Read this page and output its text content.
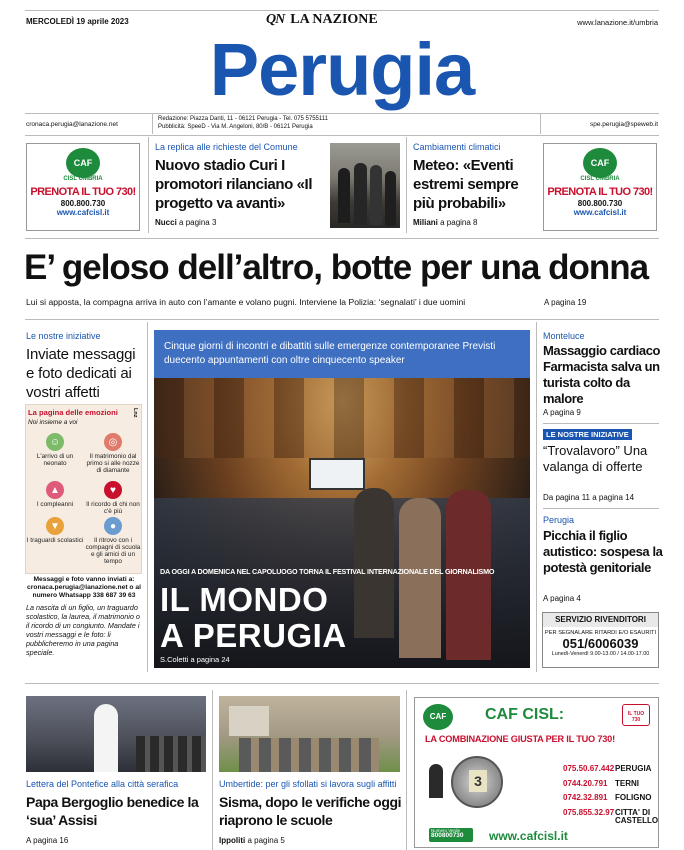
MERCOLEDÌ 19 aprile 2023	QN LA NAZIONE	www.lanazione.it/umbria
Perugia
cronaca.perugia@lanazione.net
Redazione: Piazza Danti, 11 - 06121 Perugia - Tel. 075 5755111
Pubblicità: SpeeD - Via M. Angeloni, 80/B - 06121 Perugia	spe.perugia@speweb.it
CAF
CISL UMBRIA
PRENOTA IL TUO 730!
800.800.730
www.cafcisl.it
La replica alle richieste del Comune
Nuovo stadio Curi I promotori rilanciano «Il progetto va avanti»
Nucci a pagina 3
Cambiamenti climatici
Meteo: «Eventi estremi sempre più probabili»
Miliani a pagina 8
CAF
CISL UMBRIA
PRENOTA IL TUO 730!
800.800.730
www.cafcisl.it
E’ geloso dell’altro, botte per una donna
Lui si apposta, la compagna arriva in auto con l’amante e volano pugni. Interviene la Polizia: ‘segnalati’ i due uomini	A pagina 19
Le nostre iniziative
Inviate messaggi e foto dedicati ai vostri affetti
La pagina delle emozioni	Lnz
Noi insieme a voi
☺
L'arrivo di un neonato
◎
Il matrimonio dal primo si alle nozze di diamante
▲
I compleanni
♥
Il ricordo di chi non c'è più
▼
I traguardi scolastici
●
Il ritrovo con i compagni di scuola e gli amici di un tempo
Messaggi e foto vanno inviati a: cronaca.perugia@lanazione.net o al numero Whatsapp 338 687 39 63
La nascita di un figlio, un traguardo scolastico, la laurea, il matrimonio o il ricordo di un congiunto. Mandate i vostri messaggi e le foto: li pubblicheremo in una pagina speciale.
Cinque giorni di incontri e dibattiti sulle emergenze contemporanee Previsti duecento appuntamenti con oltre cinquecento speaker
DA OGGI A DOMENICA NEL CAPOLUOGO TORNA IL FESTIVAL INTERNAZIONALE DEL GIORNALISMO
IL MONDO
A PERUGIA
S.Coletti a pagina 24
Monteluce
Massaggio cardiaco Farmacista salva un turista colto da malore
A pagina 9
LE NOSTRE INIZIATIVE
“Trovalavoro” Una valanga di offerte
Da pagina 11 a pagina 14
Perugia
Picchia il figlio autistico: sospesa la potestà genitoriale
A pagina 4
SERVIZIO RIVENDITORI
PER SEGNALARE RITARDI E/O ESAURITI
051/6006039
Lunedì-Venerdì 9.00-13.00 / 14.00-17.00
Lettera del Pontefice alla città serafica
Papa Bergoglio benedice la ‘sua’ Assisi
A pagina 16
Umbertide: per gli sfollati si lavora sugli affitti
Sisma, dopo le verifiche oggi riaprono le scuole
Ippoliti a pagina 5
CAF	CAF CISL:	IL TUO 730
LA COMBINAZIONE GIUSTA PER IL TUO 730!
3
075.50.67.442 PERUGIA
0744.20.791 TERNI
0742.32.891 FOLIGNO
075.855.32.97 CITTA' DI CASTELLO
Numero Verde
800800730	www.cafcisl.it
